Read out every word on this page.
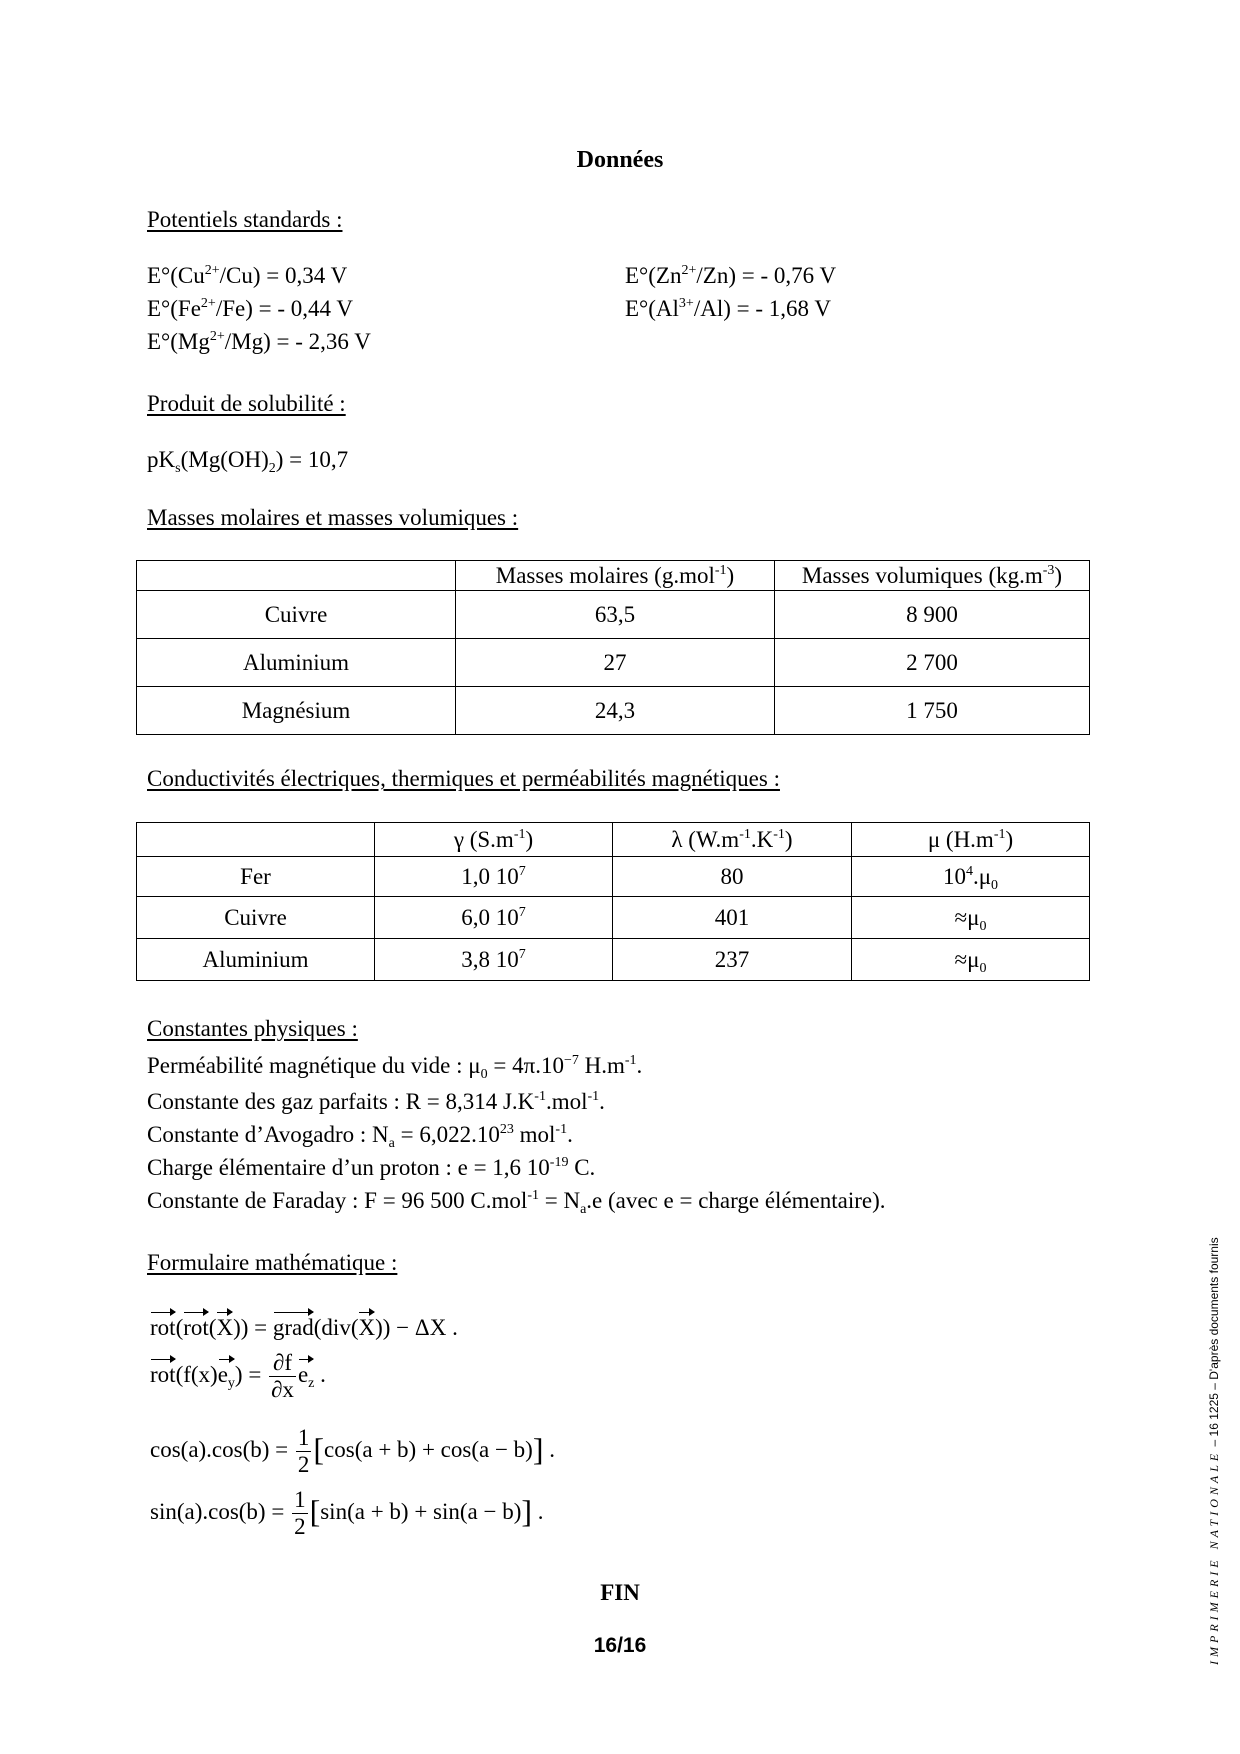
Données
Potentiels standards :
$E^\circ(Cu^{2+}/Cu) = 0,34$ V	$E^\circ(Zn^{2+}/Zn)$ = - 0,76 V
$E^\circ(Fe^{2+}/Fe)$ = - 0,44 V	$E^\circ(Al^{3+}/Al)$ = - 1,68 V
$E^\circ(Mg^{2+}/Mg)$ = - 2,36 V
Produit de solubilité :
$pK_s(Mg(OH)_2) = 10,7$
Masses molaires et masses volumiques :
	Masses molaires (g.mol$^{-1}$)	Masses volumiques $(kg.m^{-3})$
Cuivre	63,5	8 900
Aluminium	27	2 700
Magnésium	24,3	1 750
Conductivités électriques, thermiques et perméabilités magnétiques :
	γ $(S.m^{-1})$	λ $(W.m^{-1}.K^{-1})$	μ $(H.m^{-1})$
Fer	1,0 $10^7$	80	$10^4.\mu_0$
Cuivre	6,0 $10^7$	401	$\approx\mu_0$
Aluminium	3,8 $10^7$	237	$\approx\mu_0$
Constantes physiques :
Perméabilité magnétique du vide : $\mu_0 = 4\pi.10^{-7}$ $H.m^{-1}$.
Constante des gaz parfaits : R = 8,314 $J.K^{-1}.mol^{-1}$.
Constante d’Avogadro : $N_a = 6,022.10^{23}$ mol$^{-1}$.
Charge élémentaire d’un proton : e = 1,6 $10^{-19}$ C.
Constante de Faraday : F = 96 500 $C.mol^{-1} = N_a.e$ (avec e = charge élémentaire).
Formulaire mathématique :
rot(rot(X)) = grad(div(X)) − ΔX .
$rot(f(x)e_y) = \frac{\partial f}{\partial x} e_z$ .
$\cos(a).\cos(b) = \frac{1}{2} [\cos(a + b) + \cos(a - b)]$ .
$\sin(a).\cos(b) = \frac{1}{2} [\sin(a + b) + \sin(a - b)]$ .
FIN
16/16	IMPRIMERIE NATIONALE – 16 1225 – D'après documents fournis
